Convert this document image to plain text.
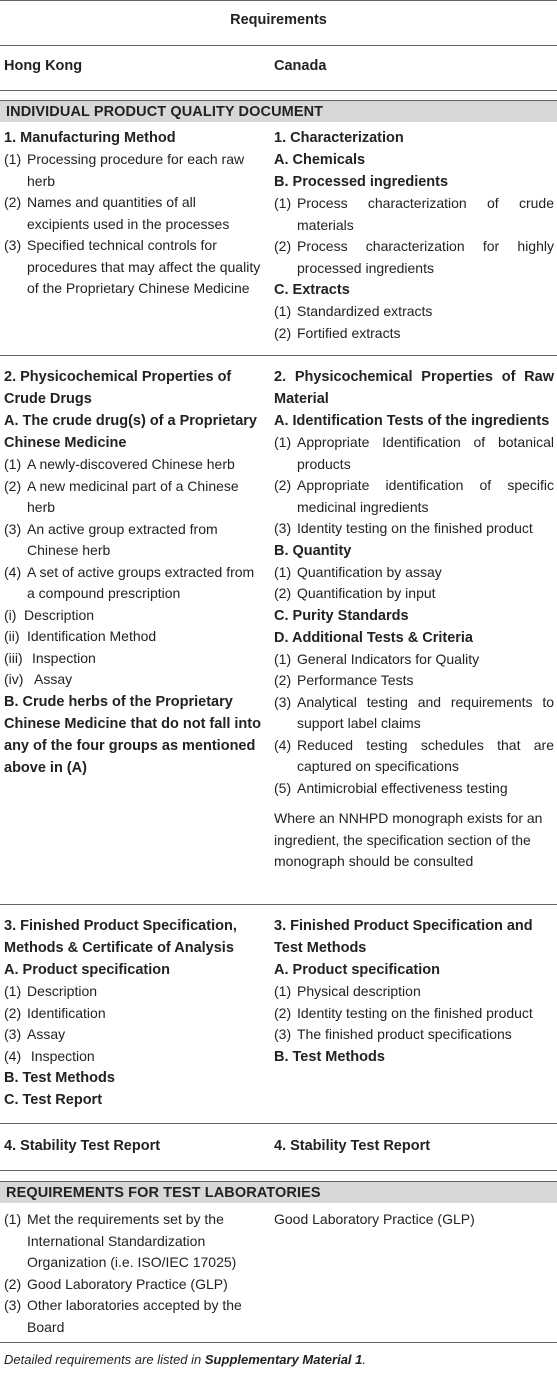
Requirements
Hong Kong	Canada
INDIVIDUAL PRODUCT QUALITY DOCUMENT

1. Manufacturing Method

(1) Processing procedure for each raw herb
(2) Names and quantities of all excipients used in the processes
(3) Specified technical controls for procedures that may affect the quality of the Proprietary Chinese Medicine

1. Characterization

A. Chemicals

B. Processed ingredients

(1) Process characterization of crude materials
(2) Process characterization for highly processed ingredients

C. Extracts

(1) Standardized extracts
(2) Fortified extracts

2. Physicochemical Properties of Crude Drugs

A. The crude drug(s) of a Proprietary Chinese Medicine

(1) A newly-discovered Chinese herb
(2) A new medicinal part of a Chinese herb
(3) An active group extracted from Chinese herb
(4) A set of active groups extracted from a compound prescription
(i) Description
(ii) Identification Method
(iii) Inspection
(iv) Assay

B. Crude herbs of the Proprietary Chinese Medicine that do not fall into any of the four groups as mentioned above in (A)

2. Physicochemical Properties of Raw Material

A. Identification Tests of the ingredients

(1) Appropriate Identification of botanical products
(2) Appropriate identification of specific medicinal ingredients
(3) Identity testing on the finished product

B. Quantity

(1) Quantification by assay
(2) Quantification by input

C. Purity Standards

D. Additional Tests & Criteria

(1) General Indicators for Quality
(2) Performance Tests
(3) Analytical testing and requirements to support label claims
(4) Reduced testing schedules that are captured on specifications
(5) Antimicrobial effectiveness testing

Where an NNHPD monograph exists for an ingredient, the specification section of the monograph should be consulted

3. Finished Product Specification, Methods & Certificate of Analysis

A. Product specification

(1) Description
(2) Identification
(3) Assay
(4) Inspection

B. Test Methods

C. Test Report

3. Finished Product Specification and Test Methods

A. Product specification

(1) Physical description
(2) Identity testing on the finished product
(3) The finished product specifications

B. Test Methods

4. Stability Test Report	4. Stability Test Report

REQUIREMENTS FOR TEST LABORATORIES
(1) Met the requirements set by the International Standardization Organization (i.e. ISO/IEC 17025)
(2) Good Laboratory Practice (GLP)
(3) Other laboratories accepted by the Board

Good Laboratory Practice (GLP)

Detailed requirements are listed in Supplementary Material 1.
